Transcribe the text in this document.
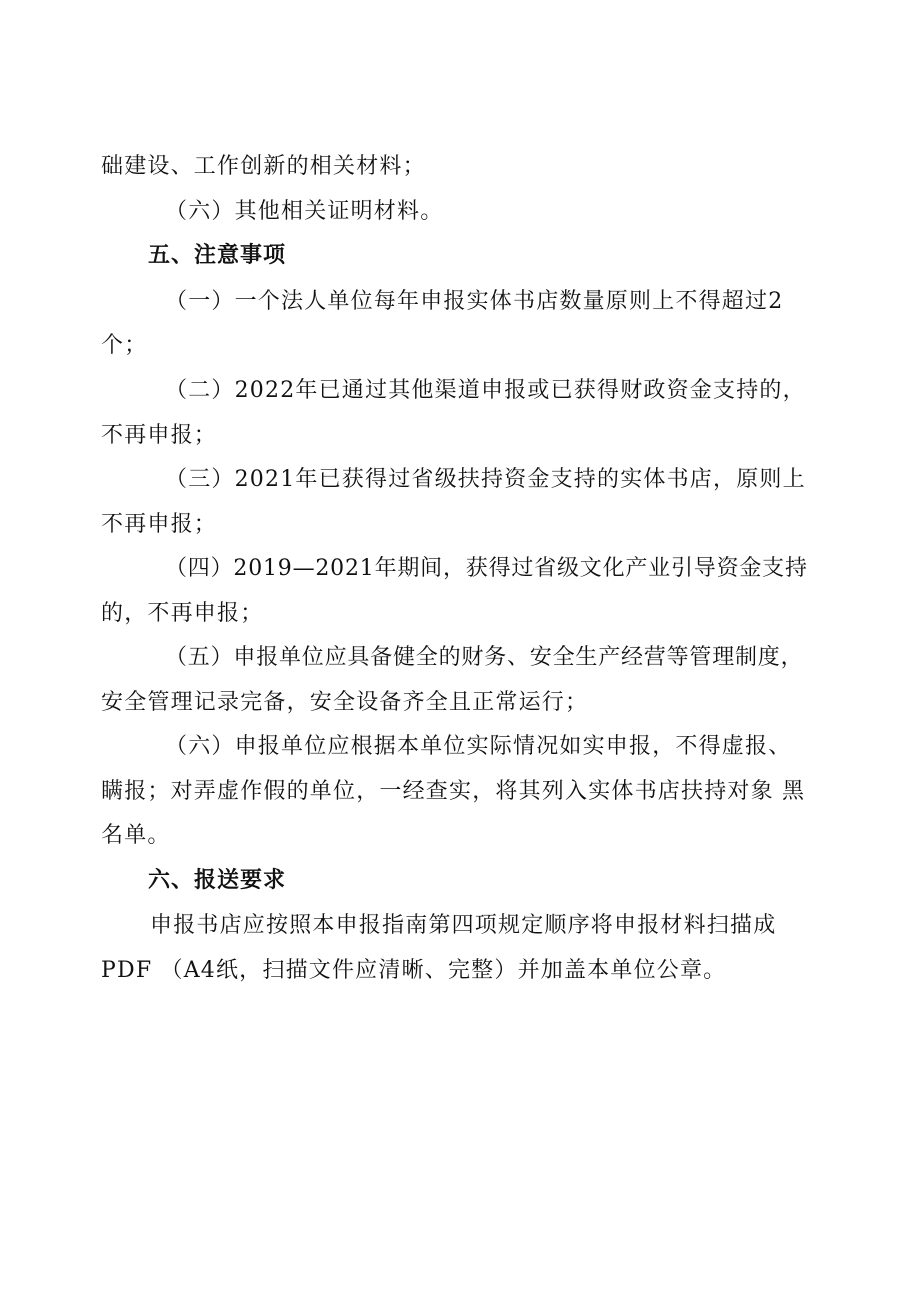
础建设、工作创新的相关材料；
（六）其他相关证明材料。
五、注意事项
（一）一个法人单位每年申报实体书店数量原则上不得超过2
个；
（二）2022年已通过其他渠道申报或已获得财政资金支持的，
不再申报；
（三）2021年已获得过省级扶持资金支持的实体书店，原则上
不再申报；
（四）2019—2021年期间，获得过省级文化产业引导资金支持
的，不再申报；
（五）申报单位应具备健全的财务、安全生产经营等管理制度，
安全管理记录完备，安全设备齐全且正常运行；
（六）申报单位应根据本单位实际情况如实申报，不得虚报、
瞒报；对弄虚作假的单位，一经查实，将其列入实体书店扶持对象 黑
名单。
六、报送要求
申报书店应按照本申报指南第四项规定顺序将申报材料扫描成
PDF （A4纸，扫描文件应清晰、完整）并加盖本单位公章。
